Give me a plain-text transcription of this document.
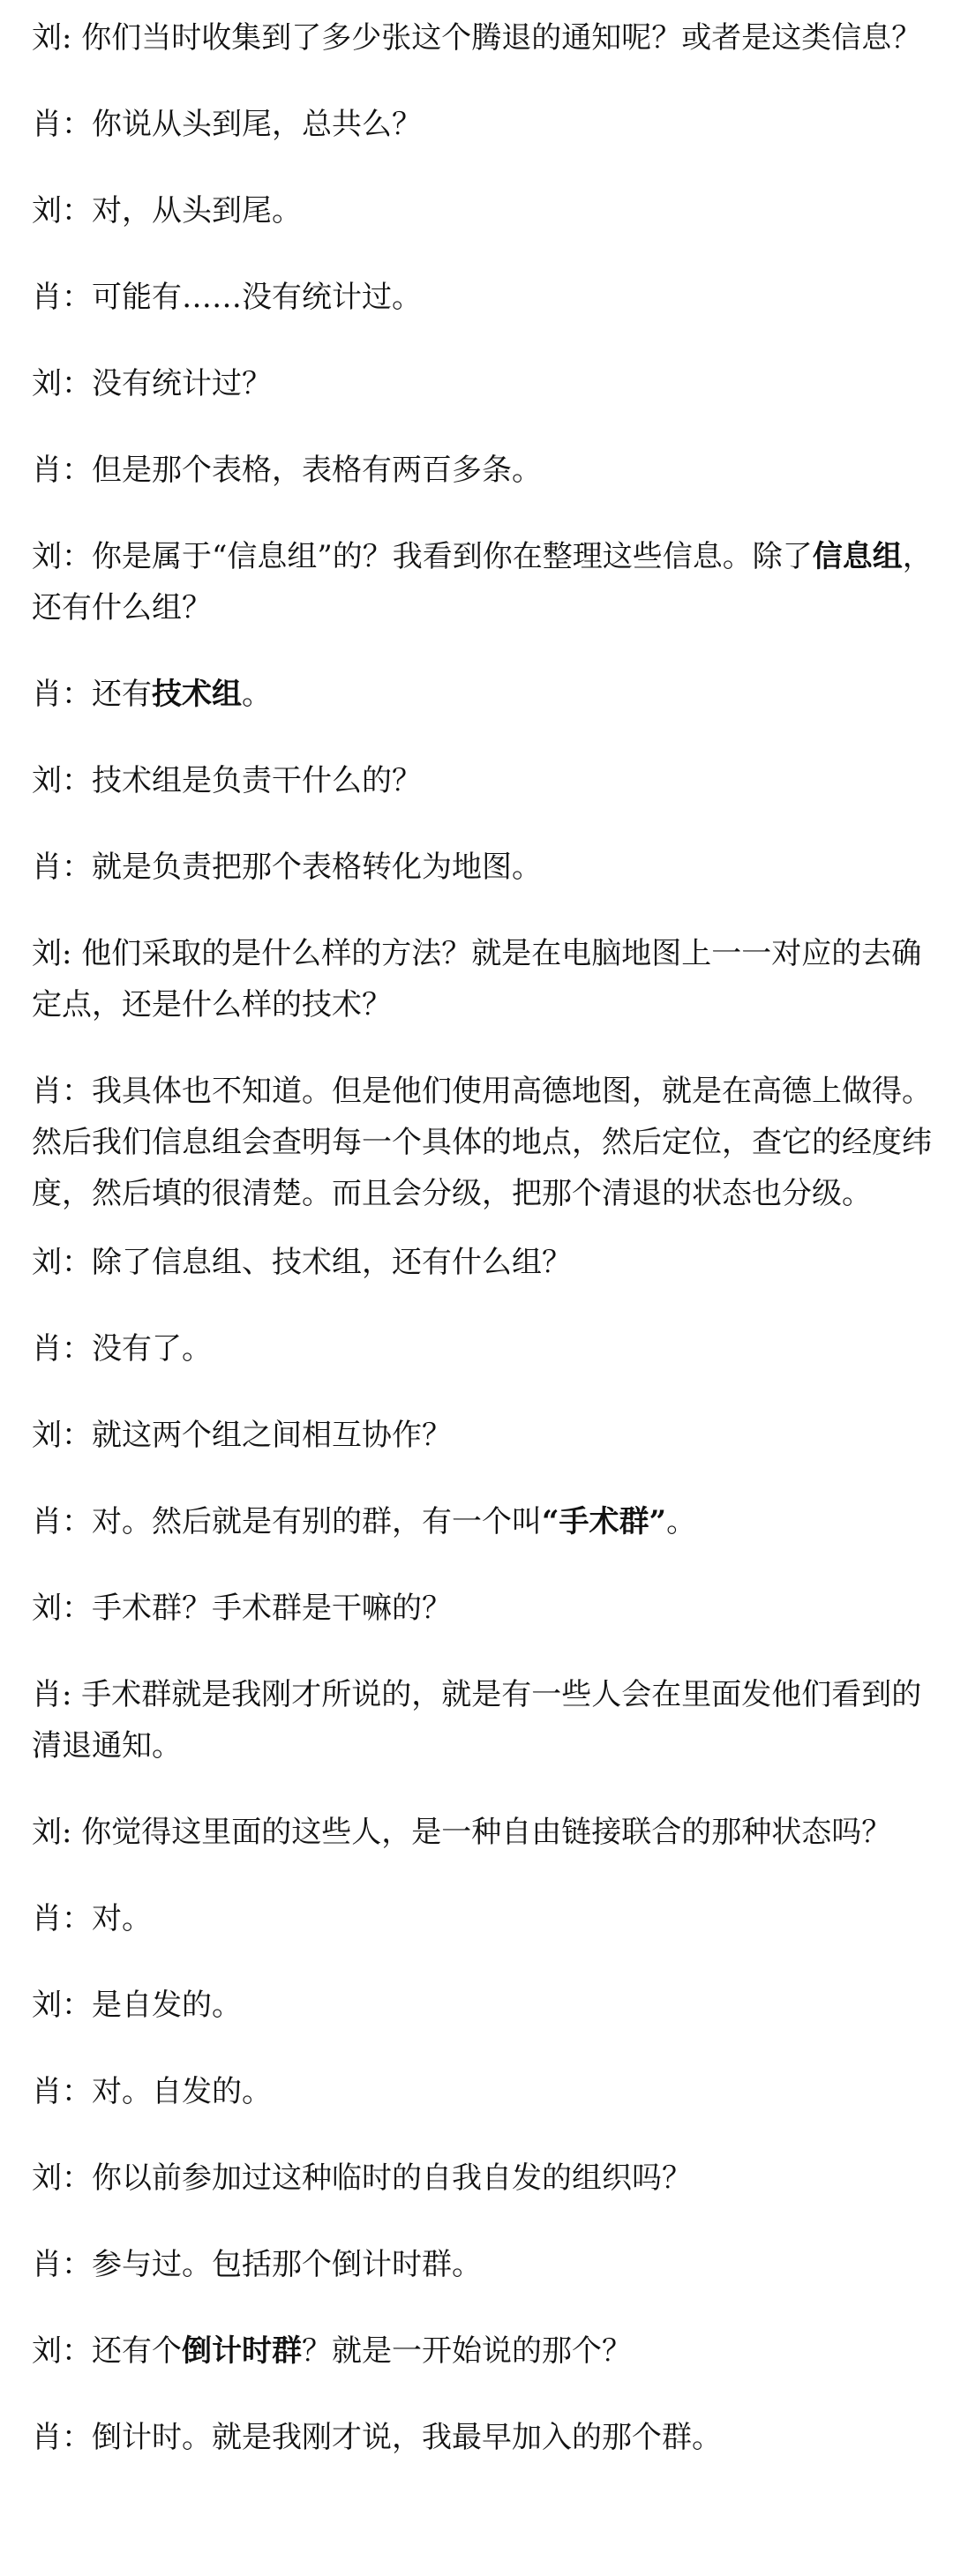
刘: 你们当时收集到了多少张这个腾退的通知呢？或者是这类信息？

肖：你说从头到尾，总共么？

刘：对，从头到尾。

肖：可能有……没有统计过。

刘：没有统计过？

肖：但是那个表格，表格有两百多条。

刘：你是属于“信息组”的？我看到你在整理这些信息。除了信息组，还有什么组？

肖：还有技术组。

刘：技术组是负责干什么的？

肖：就是负责把那个表格转化为地图。

刘: 他们采取的是什么样的方法？就是在电脑地图上一一对应的去确定点，还是什么样的技术？

肖：我具体也不知道。但是他们使用高德地图，就是在高德上做得。然后我们信息组会查明每一个具体的地点，然后定位，查它的经度纬度，然后填的很清楚。而且会分级，把那个清退的状态也分级。

刘：除了信息组、技术组，还有什么组？

肖：没有了。

刘：就这两个组之间相互协作？

肖：对。然后就是有别的群，有一个叫“手术群”。

刘：手术群？手术群是干嘛的？

肖: 手术群就是我刚才所说的，就是有一些人会在里面发他们看到的清退通知。

刘: 你觉得这里面的这些人，是一种自由链接联合的那种状态吗？

肖：对。

刘：是自发的。

肖：对。自发的。

刘：你以前参加过这种临时的自我自发的组织吗？

肖：参与过。包括那个倒计时群。

刘：还有个倒计时群？就是一开始说的那个？

肖：倒计时。就是我刚才说，我最早加入的那个群。
